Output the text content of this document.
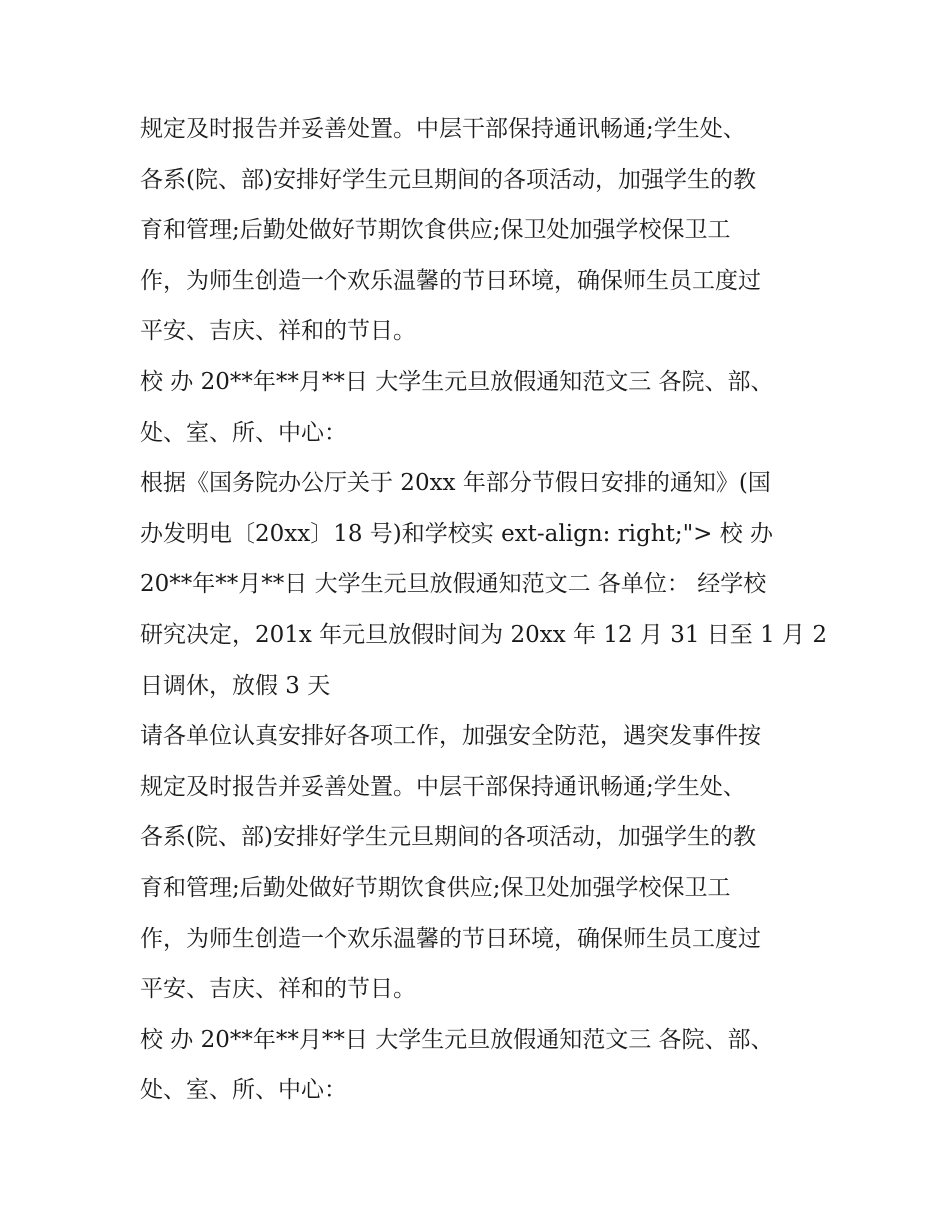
规定及时报告并妥善处置。中层干部保持通讯畅通;学生处、
各系(院、部)安排好学生元旦期间的各项活动，加强学生的教
育和管理;后勤处做好节期饮食供应;保卫处加强学校保卫工
作，为师生创造一个欢乐温馨的节日环境，确保师生员工度过
平安、吉庆、祥和的节日。
校 办 20**年**月**日 大学生元旦放假通知范文三 各院、部、
处、室、所、中心：
根据《国务院办公厅关于 20xx 年部分节假日安排的通知》(国
办发明电〔20xx〕18 号)和学校实 ext-align: right;"> 校 办
20**年**月**日 大学生元旦放假通知范文二 各单位： 经学校
研究决定，201x 年元旦放假时间为 20xx 年 12 月 31 日至 1 月 2
日调休，放假 3 天
请各单位认真安排好各项工作，加强安全防范，遇突发事件按
规定及时报告并妥善处置。中层干部保持通讯畅通;学生处、
各系(院、部)安排好学生元旦期间的各项活动，加强学生的教
育和管理;后勤处做好节期饮食供应;保卫处加强学校保卫工
作，为师生创造一个欢乐温馨的节日环境，确保师生员工度过
平安、吉庆、祥和的节日。
校 办 20**年**月**日 大学生元旦放假通知范文三 各院、部、
处、室、所、中心：
